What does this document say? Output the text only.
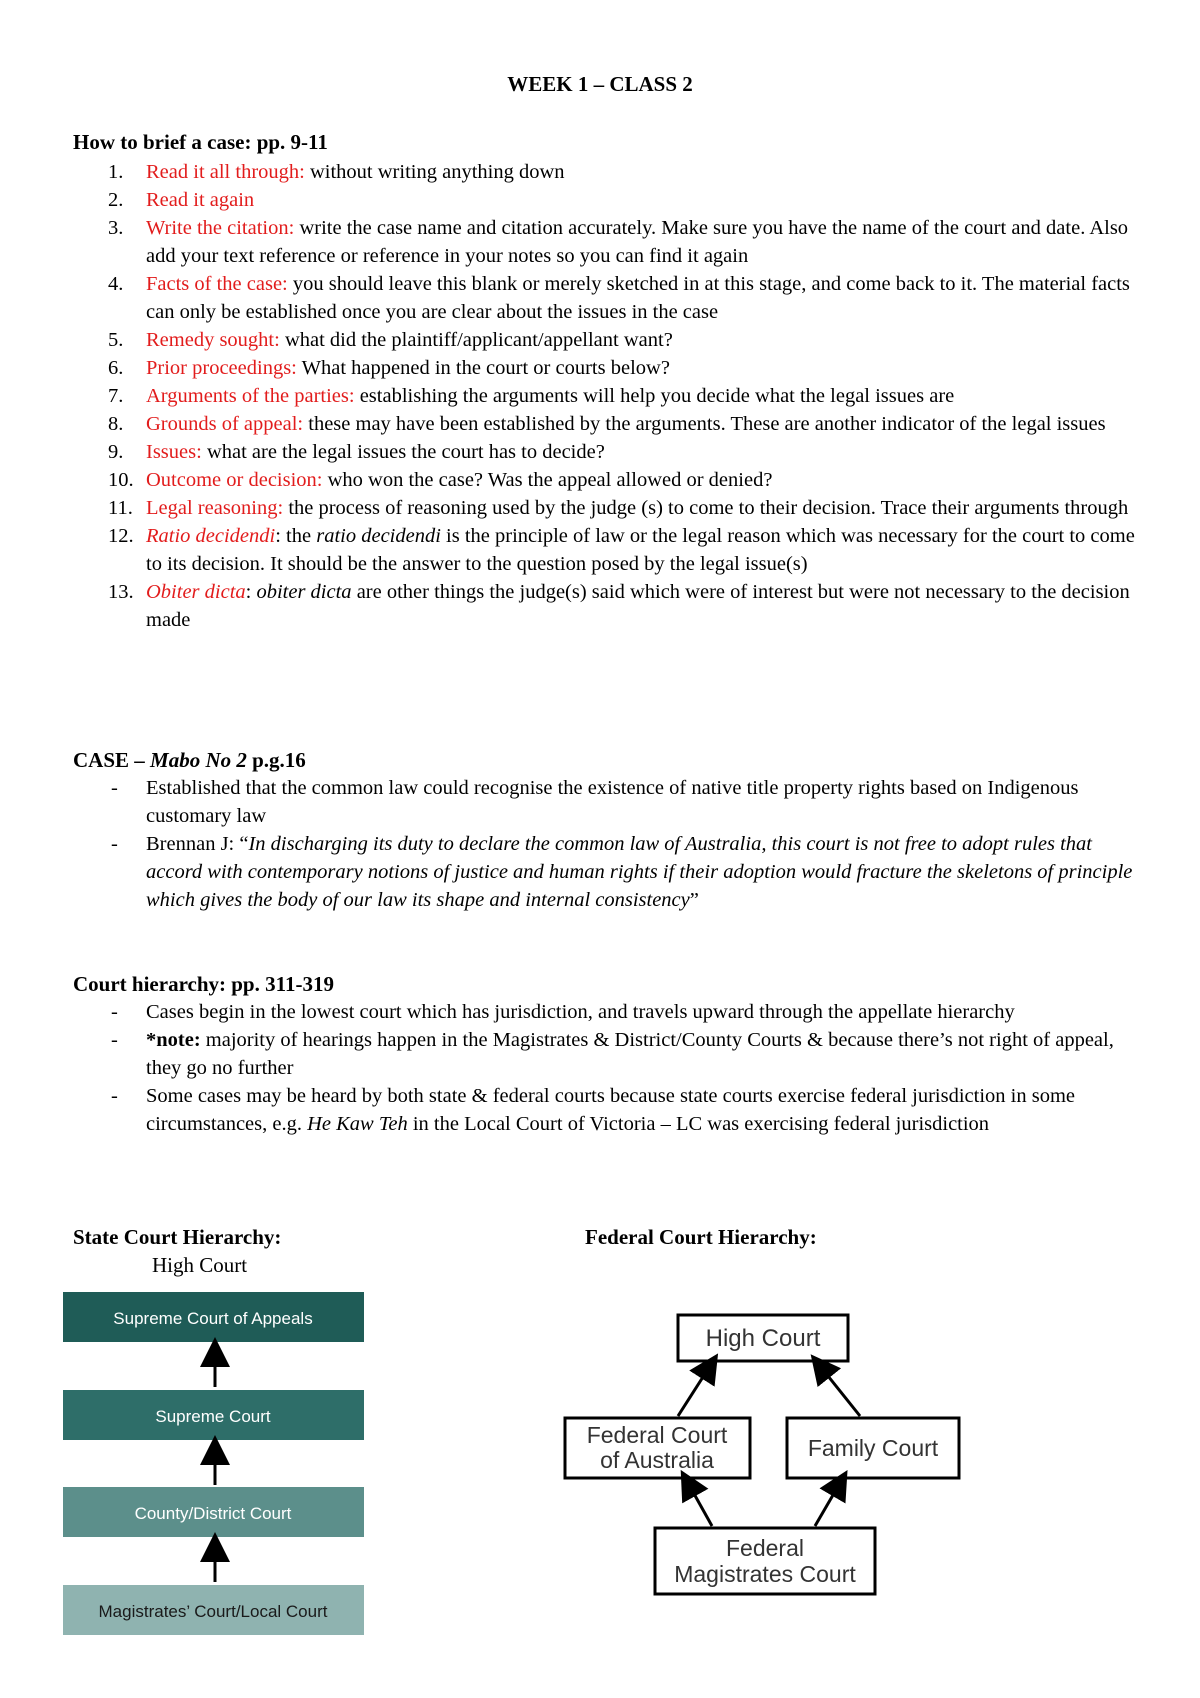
WEEK 1 – CLASS 2
How to brief a case: pp. 9-11
1.	Read it all through: without writing anything down
2.	Read it again
3.	Write the citation: write the case name and citation accurately. Make sure you have the name of the court and date. Also add your text reference or reference in your notes so you can find it again
4.	Facts of the case: you should leave this blank or merely sketched in at this stage, and come back to it. The material facts can only be established once you are clear about the issues in the case
5.	Remedy sought: what did the plaintiff/applicant/appellant want?
6.	Prior proceedings: What happened in the court or courts below?
7.	Arguments of the parties: establishing the arguments will help you decide what the legal issues are
8.	Grounds of appeal: these may have been established by the arguments. These are another indicator of the legal issues
9.	Issues: what are the legal issues the court has to decide?
10. Outcome or decision: who won the case? Was the appeal allowed or denied?
11. Legal reasoning: the process of reasoning used by the judge (s) to come to their decision. Trace their arguments through
12. Ratio decidendi: the ratio decidendi is the principle of law or the legal reason which was necessary for the court to come to its decision. It should be the answer to the question posed by the legal issue(s)
13. Obiter dicta: obiter dicta are other things the judge(s) said which were of interest but were not necessary to the decision made
CASE – Mabo No 2 p.g.16
- Established that the common law could recognise the existence of native title property rights based on Indigenous customary law
- Brennan J: “In discharging its duty to declare the common law of Australia, this court is not free to adopt rules that accord with contemporary notions of justice and human rights if their adoption would fracture the skeletons of principle which gives the body of our law its shape and internal consistency”
Court hierarchy: pp. 311-319
- Cases begin in the lowest court which has jurisdiction, and travels upward through the appellate hierarchy
- *note: majority of hearings happen in the Magistrates & District/County Courts & because there’s not right of appeal, they go no further
- Some cases may be heard by both state & federal courts because state courts exercise federal jurisdiction in some circumstances, e.g. He Kaw Teh in the Local Court of Victoria – LC was exercising federal jurisdiction
State Court Hierarchy:
High Court
Federal Court Hierarchy:
Supreme Court of Appeals
Supreme Court
County/District Court
Magistrates’ Court/Local Court
High Court
Federal Court
of Australia	Family Court
Federal
Magistrates Court
